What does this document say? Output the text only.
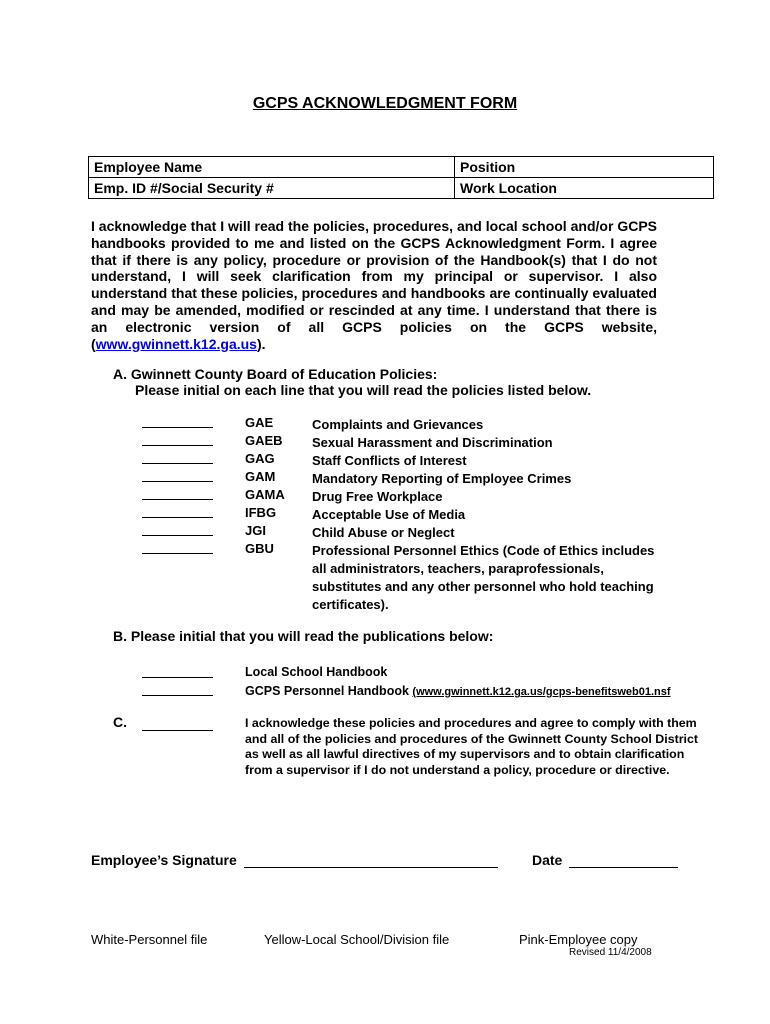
GCPS ACKNOWLEDGMENT FORM
Employee Name	Position
Emp. ID #/Social Security #	Work Location
I acknowledge that I will read the policies, procedures, and local school and/or GCPS handbooks provided to me and listed on the GCPS Acknowledgment Form. I agree that if there is any policy, procedure or provision of the Handbook(s) that I do not understand, I will seek clarification from my principal or supervisor. I also understand that these policies, procedures and handbooks are continually evaluated and may be amended, modified or rescinded at any time. I understand that there is an electronic version of all GCPS policies on the GCPS website, (www.gwinnett.k12.ga.us).
A. Gwinnett County Board of Education Policies:
Please initial on each line that you will read the policies listed below.
GAE	Complaints and Grievances
GAEB Sexual Harassment and Discrimination
GAG	Staff Conflicts of Interest
GAM	Mandatory Reporting of Employee Crimes
GAMA Drug Free Workplace
IFBG	Acceptable Use of Media
JGI	Child Abuse or Neglect
GBU	Professional Personnel Ethics (Code of Ethics includes
all administrators, teachers, paraprofessionals,
substitutes and any other personnel who hold teaching
certificates).
B. Please initial that you will read the publications below:
Local School Handbook
GCPS Personnel Handbook (www.gwinnett.k12.ga.us/gcps-benefitsweb01.nsf
C.	I acknowledge these policies and procedures and agree to comply with them and all of the policies and procedures of the Gwinnett County School District as well as all lawful directives of my supervisors and to obtain clarification from a supervisor if I do not understand a policy, procedure or directive.
Employee’s Signature	Date
White-Personnel file	Yellow-Local School/Division file	Pink-Employee copy
Revised 11/4/2008
